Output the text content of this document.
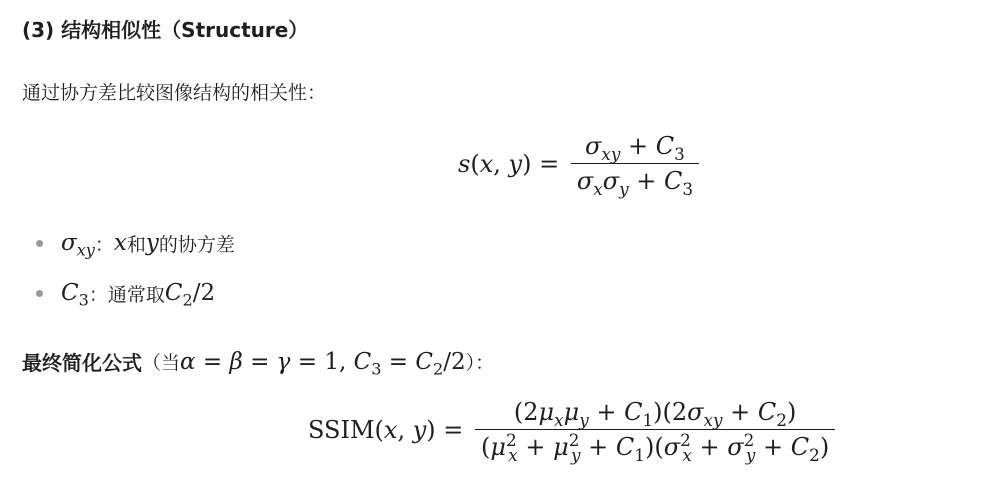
(3) 结构相似性（Structure）
通过协方差比较图像结构的相关性：
s ( x , y ) = $\frac{\sigma_{xy} + C_3}{\sigma_x\sigma_y + C_3}$
$\sigma_{xy}$ ： x 和 y 的协方差
$C_3$ ： 通常取 $C_2/2$
最终简化公式 （当 α = β = γ = 1, $C_3 = C_2/2$ ）：
SSIM ( x , y ) = $\frac{(2\mu_x\mu_y + C_1)(2\sigma_{xy} + C_2)}{(\mu^2_x + \mu^2_y + C_1)(\sigma^2_x + \sigma^2_y + C_2)}$
